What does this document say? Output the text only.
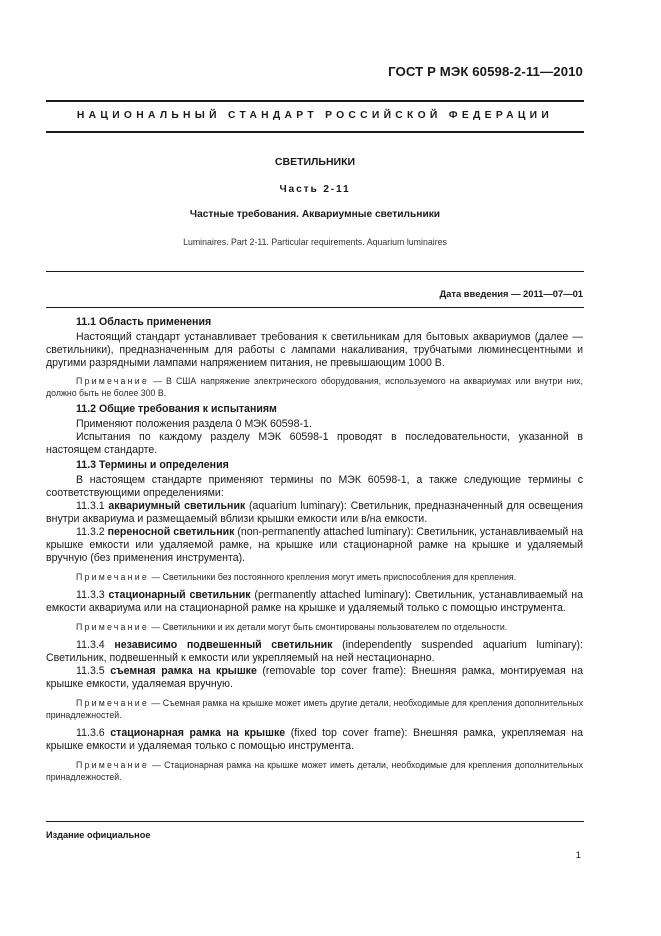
ГОСТ Р МЭК 60598-2-11—2010
НАЦИОНАЛЬНЫЙ СТАНДАРТ РОССИЙСКОЙ ФЕДЕРАЦИИ
СВЕТИЛЬНИКИ
Часть 2-11
Частные требования. Аквариумные светильники
Luminaires. Part 2-11. Particular requirements. Aquarium luminaires
Дата введения — 2011—07—01
11.1 Область применения

Настоящий стандарт устанавливает требования к светильникам для бытовых аквариумов (далее — светильники), предназначенным для работы с лампами накаливания, трубчатыми люминесцентными и другими разрядными лампами напряжением питания, не превышающим 1000 В.

Примечание — В США напряжение электрического оборудования, используемого на аквариумах или внутри них, должно быть не более 300 В.

11.2 Общие требования к испытаниям

Применяют положения раздела 0 МЭК 60598-1.

Испытания по каждому разделу МЭК 60598-1 проводят в последовательности, указанной в настоящем стандарте.

11.3 Термины и определения

В настоящем стандарте применяют термины по МЭК 60598-1, а также следующие термины с соответствующими определениями:

11.3.1 аквариумный светильник (aquarium luminary): Светильник, предназначенный для освещения внутри аквариума и размещаемый вблизи крышки емкости или в/на емкости.

11.3.2 переносной светильник (non-permanently attached luminary): Светильник, устанавливаемый на крышке емкости или удаляемой рамке, на крышке или стационарной рамке на крышке и удаляемый вручную (без применения инструмента).

Примечание — Светильники без постоянного крепления могут иметь приспособления для крепления.

11.3.3 стационарный светильник (permanently attached luminary): Светильник, устанавливаемый на емкости аквариума или на стационарной рамке на крышке и удаляемый только с помощью инструмента.

Примечание — Светильники и их детали могут быть смонтированы пользователем по отдельности.

11.3.4 независимо подвешенный светильник (independently suspended aquarium luminary): Светильник, подвешенный к емкости или укрепляемый на ней нестационарно.

11.3.5 съемная рамка на крышке (removable top cover frame): Внешняя рамка, монтируемая на крышке емкости, удаляемая вручную.

Примечание — Съемная рамка на крышке может иметь другие детали, необходимые для крепления дополнительных принадлежностей.

11.3.6 стационарная рамка на крышке (fixed top cover frame): Внешняя рамка, укрепляемая на крышке емкости и удаляемая только с помощью инструмента.

Примечание — Стационарная рамка на крышке может иметь детали, необходимые для крепления дополнительных принадлежностей.

Издание официальное
1
